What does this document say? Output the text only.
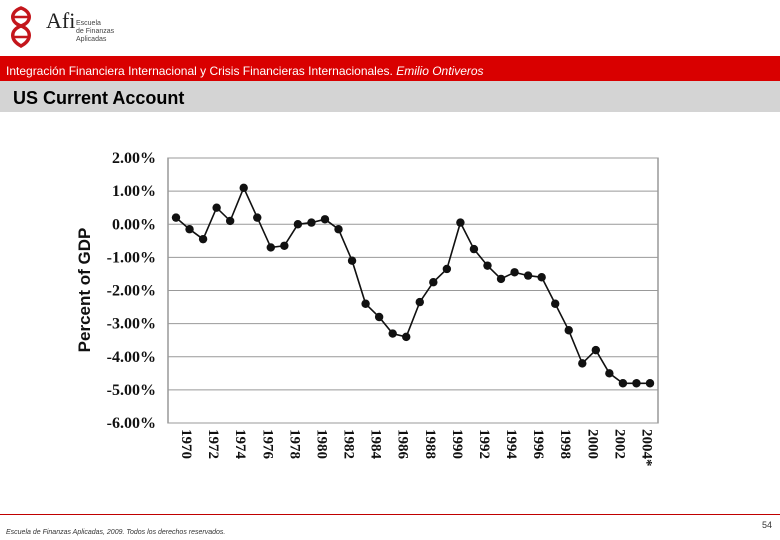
Afi Escuela
de Finanzas
Aplicadas
Integración Financiera Internacional y Crisis Financieras Internacionales. Emilio Ontiveros
US Current Account
2.00%
1.00%
0.00%
-1.00%
-2.00%
-3.00%
-4.00%
-5.00%
-6.00%
1970 1972 1974 1976 1978 1980 1982 1984 1986 1988 1990 1992 1994 1996 1998 2000 2002 2004*
Percent of GDP
Escuela de Finanzas Aplicadas, 2009. Todos los derechos reservados.
54
